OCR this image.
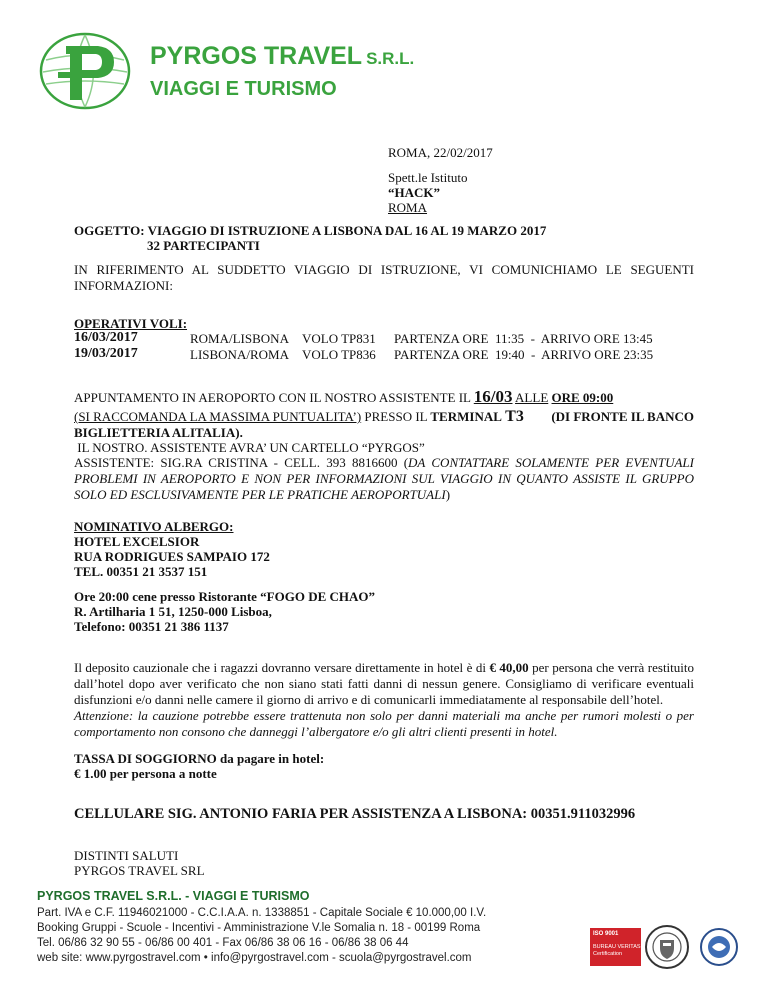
PYRGOS TRAVEL S.R.L.
VIAGGI E TURISMO
ROMA, 22/02/2017
Spett.le Istituto
“HACK”
ROMA
OGGETTO: VIAGGIO DI ISTRUZIONE A LISBONA DAL 16 AL 19 MARZO 2017
32 PARTECIPANTI
IN RIFERIMENTO AL SUDDETTO VIAGGIO DI ISTRUZIONE, VI COMUNICHIAMO LE SEGUENTI INFORMAZIONI:
OPERATIVI VOLI:
16/03/2017	ROMA/LISBONA VOLO TP831 PARTENZA ORE  11:35  -  ARRIVO ORE 13:45
19/03/2017	LISBONA/ROMA VOLO TP836 PARTENZA ORE  19:40  -  ARRIVO ORE 23:35
APPUNTAMENTO IN AEROPORTO CON IL NOSTRO ASSISTENTE IL 16/03 ALLE ORE 09:00
(SI RACCOMANDA LA MASSIMA PUNTUALITA’) PRESSO IL TERMINAL T3 (DI FRONTE IL BANCO
BIGLIETTERIA ALITALIA).
IL NOSTRO. ASSISTENTE AVRA’ UN CARTELLO “PYRGOS”
ASSISTENTE: SIG.RA CRISTINA - CELL. 393 8816600 (DA CONTATTARE SOLAMENTE PER EVENTUALI PROBLEMI IN AEROPORTO E NON PER INFORMAZIONI SUL VIAGGIO IN QUANTO ASSISTE IL GRUPPO SOLO ED ESCLUSIVAMENTE PER LE PRATICHE AEROPORTUALI)
NOMINATIVO ALBERGO:
HOTEL EXCELSIOR
RUA RODRIGUES SAMPAIO 172
TEL. 00351 21 3537 151
Ore 20:00 cene presso Ristorante “FOGO DE CHAO”
R. Artilharia 1 51, 1250-000 Lisboa,
Telefono: 00351 21 386 1137
Il deposito cauzionale che i ragazzi dovranno versare direttamente in hotel è di € 40,00 per persona che verrà restituito dall’hotel dopo aver verificato che non siano stati fatti danni di nessun genere. Consigliamo di verificare eventuali disfunzioni e/o danni nelle camere il giorno di arrivo e di comunicarli immediatamente al responsabile dell’hotel.
Attenzione: la cauzione potrebbe essere trattenuta non solo per danni materiali ma anche per rumori molesti o per comportamento non consono che danneggi l’albergatore e/o gli altri clienti presenti in hotel.
TASSA DI SOGGIORNO da pagare in hotel:
€ 1.00 per persona a notte
CELLULARE SIG. ANTONIO FARIA PER ASSISTENZA A LISBONA: 00351.911032996
DISTINTI SALUTI
PYRGOS TRAVEL SRL
PYRGOS TRAVEL S.R.L. - VIAGGI E TURISMO
Part. IVA e C.F. 11946021000 - C.C.I.A.A. n. 1338851 - Capitale Sociale € 10.000,00 I.V.
Booking Gruppi - Scuole - Incentivi - Amministrazione V.le Somalia n. 18 - 00199 Roma
Tel. 06/86 32 90 55 - 06/86 00 401 - Fax 06/86 38 06 16 - 06/86 38 06 44
web site: www.pyrgostravel.com • info@pyrgostravel.com - scuola@pyrgostravel.com
ISO 9001
BUREAU VERITAS
Certification
